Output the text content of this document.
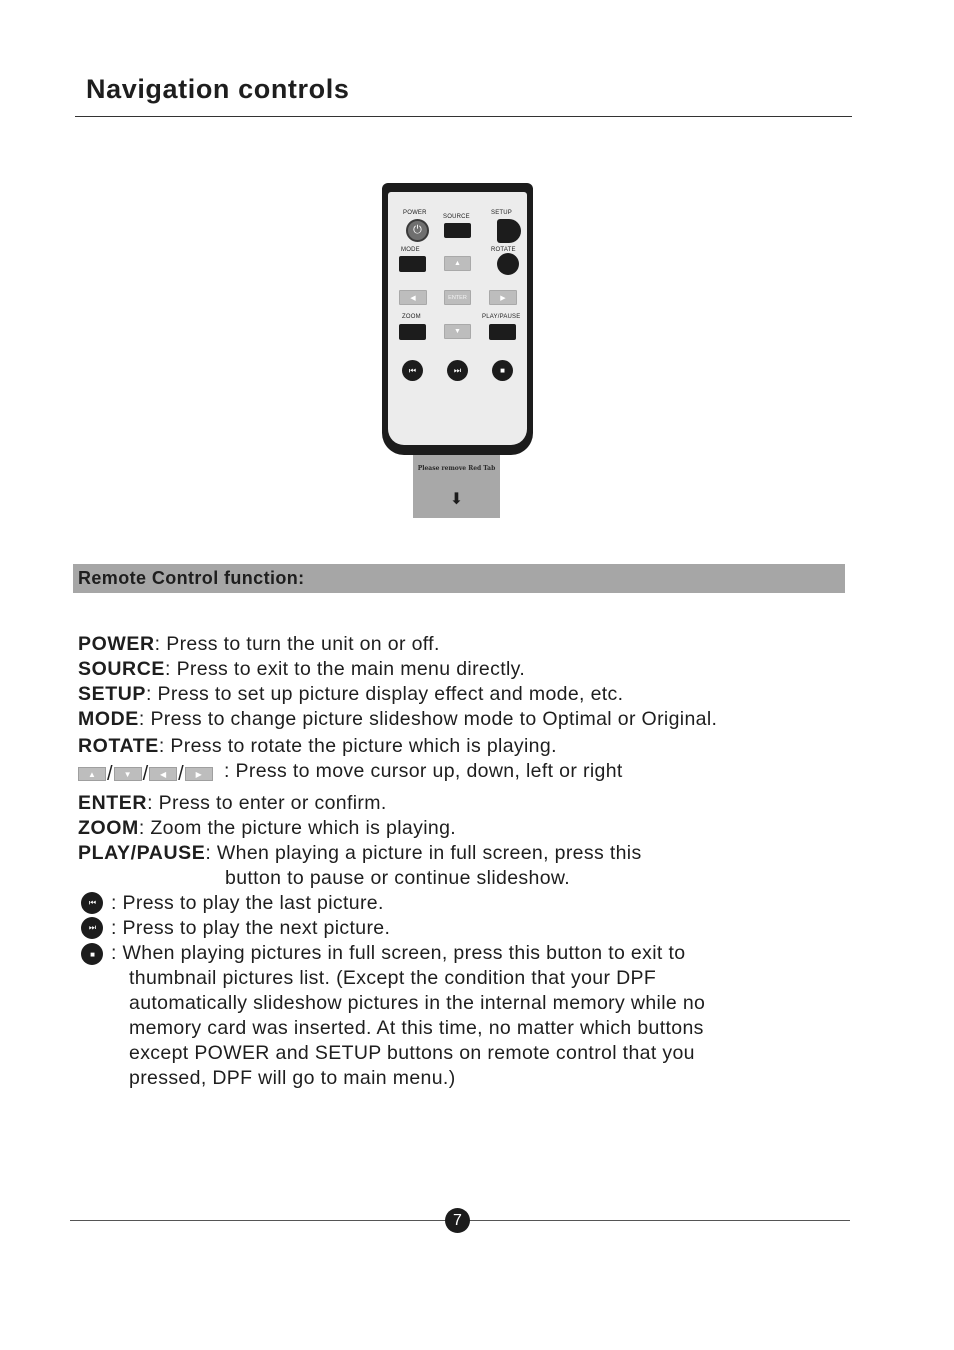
Navigation controls
POWER
SOURCE
SETUP
⏻
MODE	ROTATE
▲
◀	ENTER	▶
ZOOM	PLAY/PAUSE
▼
⏮	⏭	■
Please remove Red Tab
⬇
Remote Control function:
POWER: Press to turn the unit on or off.
SOURCE: Press to exit to the main menu directly.
SETUP: Press to set up picture display effect and mode, etc.
MODE: Press to change picture slideshow mode to Optimal or Original.
ROTATE: Press to rotate the picture which is playing.
▲ /	▼ /	◀ /	▶	: Press to move cursor up, down, left or right
ENTER: Press to enter or confirm.
ZOOM: Zoom the picture which is playing.
PLAY/PAUSE: When playing a picture in full screen, press this
button to pause or continue slideshow.
⏮ : Press to play the last picture.
⏭ : Press to play the next picture.
■ : When playing pictures in full screen, press this button to exit to
thumbnail pictures list. (Except the condition that your DPF
automatically slideshow pictures in the internal memory while no
memory card was inserted. At this time, no matter which buttons
except POWER and SETUP buttons on remote control that you
pressed, DPF will go to main menu.)
7
